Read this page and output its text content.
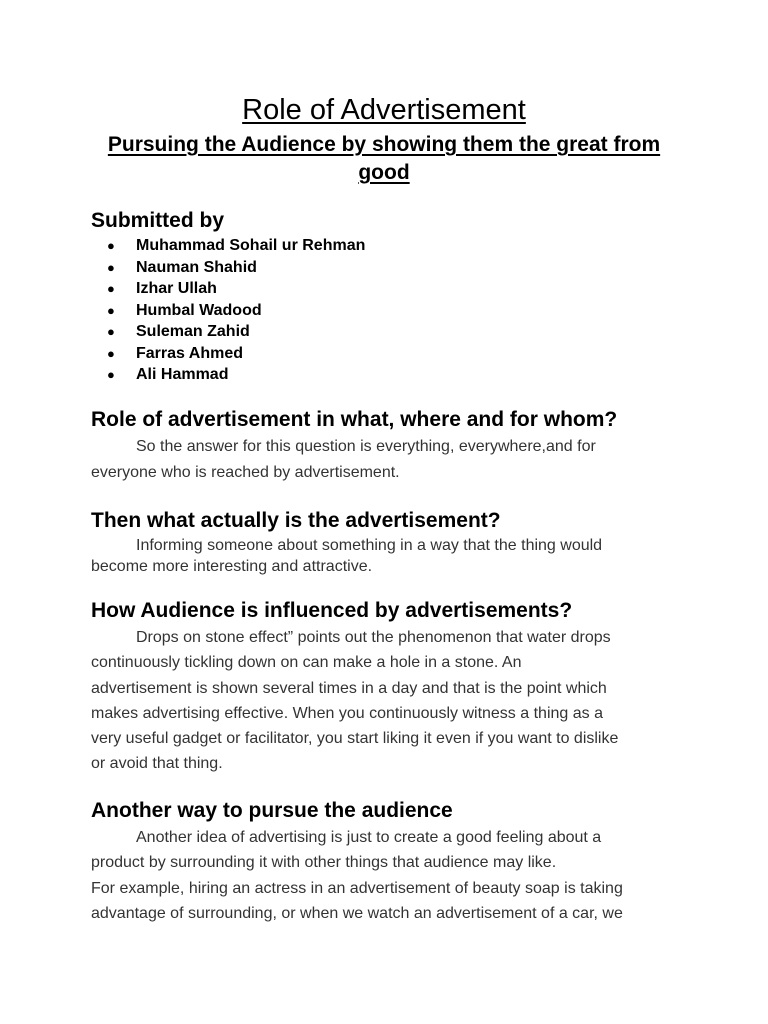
Role of Advertisement
Pursuing the Audience by showing them the great from good
Submitted by
● Muhammad Sohail ur Rehman
● Nauman Shahid
● Izhar Ullah
● Humbal Wadood
● Suleman Zahid
● Farras Ahmed
● Ali Hammad
Role of advertisement in what, where and for whom?

So the answer for this question is everything, everywhere,and for
everyone who is reached by advertisement.

Then what actually is the advertisement?

Informing someone about something in a way that the thing would
become more interesting and attractive.

How Audience is influenced by advertisements?

Drops on stone effect” points out the phenomenon that water drops
continuously tickling down on can make a hole in a stone. An
advertisement is shown several times in a day and that is the point which
makes advertising effective. When you continuously witness a thing as a
very useful gadget or facilitator, you start liking it even if you want to dislike
or avoid that thing.

Another way to pursue the audience

Another idea of advertising is just to create a good feeling about a
product by surrounding it with other things that audience may like.
For example, hiring an actress in an advertisement of beauty soap is taking
advantage of surrounding, or when we watch an advertisement of a car, we
